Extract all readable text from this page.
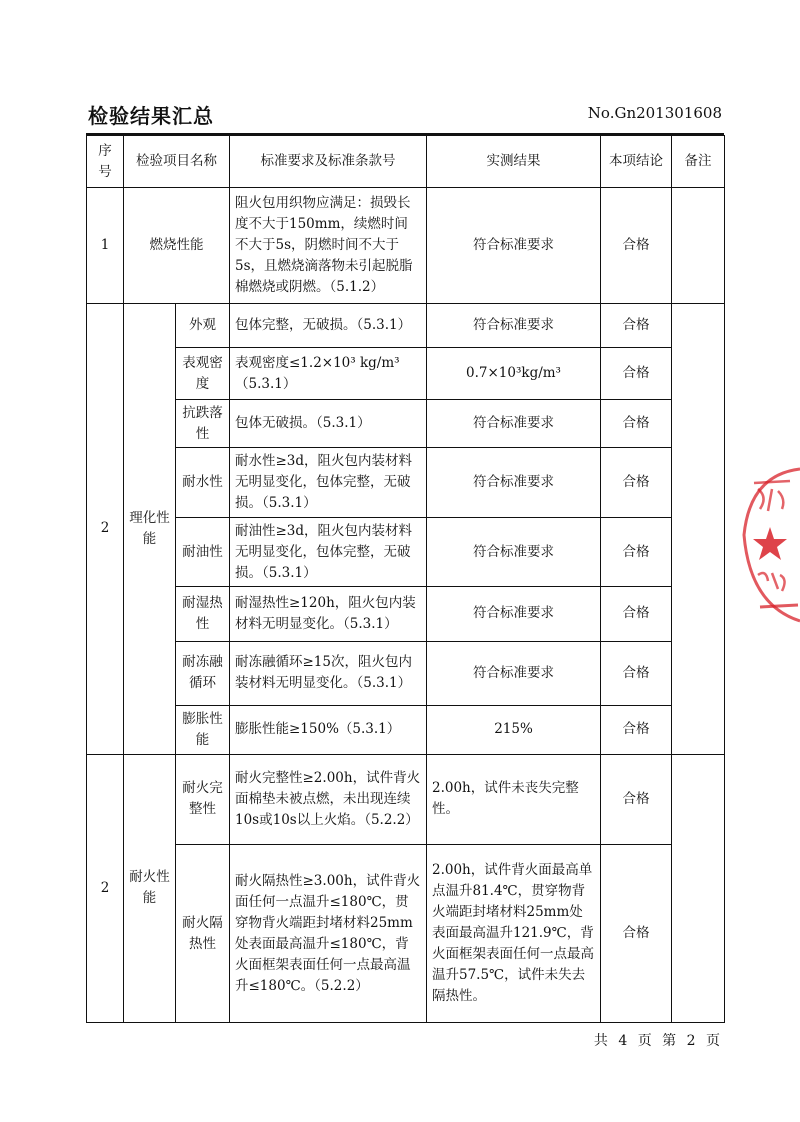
检验结果汇总	No.Gn201301608
序号	检验项目名称		标准要求及标准条款号	实测结果	本项结论	备注
1	燃烧性能		阻火包用织物应满足：损毁长度不大于150mm，续燃时间不大于5s，阴燃时间不大于5s，且燃烧滴落物未引起脱脂棉燃烧或阴燃。（5.1.2）	符合标准要求	合格	
2	理化性能	外观	包体完整，无破损。（5.3.1）	符合标准要求	合格	
		表观密度	表观密度≤1.2×10³ kg/m³（5.3.1）	0.7×10³kg/m³	合格	
		抗跌落性	包体无破损。（5.3.1）	符合标准要求	合格	
		耐水性	耐水性≥3d，阻火包内装材料无明显变化，包体完整，无破损。（5.3.1）	符合标准要求	合格	
		耐油性	耐油性≥3d，阻火包内装材料无明显变化，包体完整，无破损。（5.3.1）	符合标准要求	合格	
		耐湿热性	耐湿热性≥120h，阻火包内装材料无明显变化。（5.3.1）	符合标准要求	合格	
		耐冻融循环	耐冻融循环≥15次，阻火包内装材料无明显变化。（5.3.1）	符合标准要求	合格	
		膨胀性能	膨胀性能≥150%（5.3.1）	215%	合格	
2	耐火性能	耐火完整性	耐火完整性≥2.00h，试件背火面棉垫未被点燃，未出现连续10s或10s以上火焰。（5.2.2）	2.00h，试件未丧失完整性。	合格	
		耐火隔热性	耐火隔热性≥3.00h，试件背火面任何一点温升≤180℃，贯穿物背火端距封堵材料25mm处表面最高温升≤180℃，背火面框架表面任何一点最高温升≤180℃。（5.2.2）	2.00h，试件背火面最高单点温升81.4℃，贯穿物背火端距封堵材料25mm处表面最高温升121.9℃，背火面框架表面任何一点最高温升57.5℃，试件未失去隔热性。	合格	
共 4 页 第 2 页
